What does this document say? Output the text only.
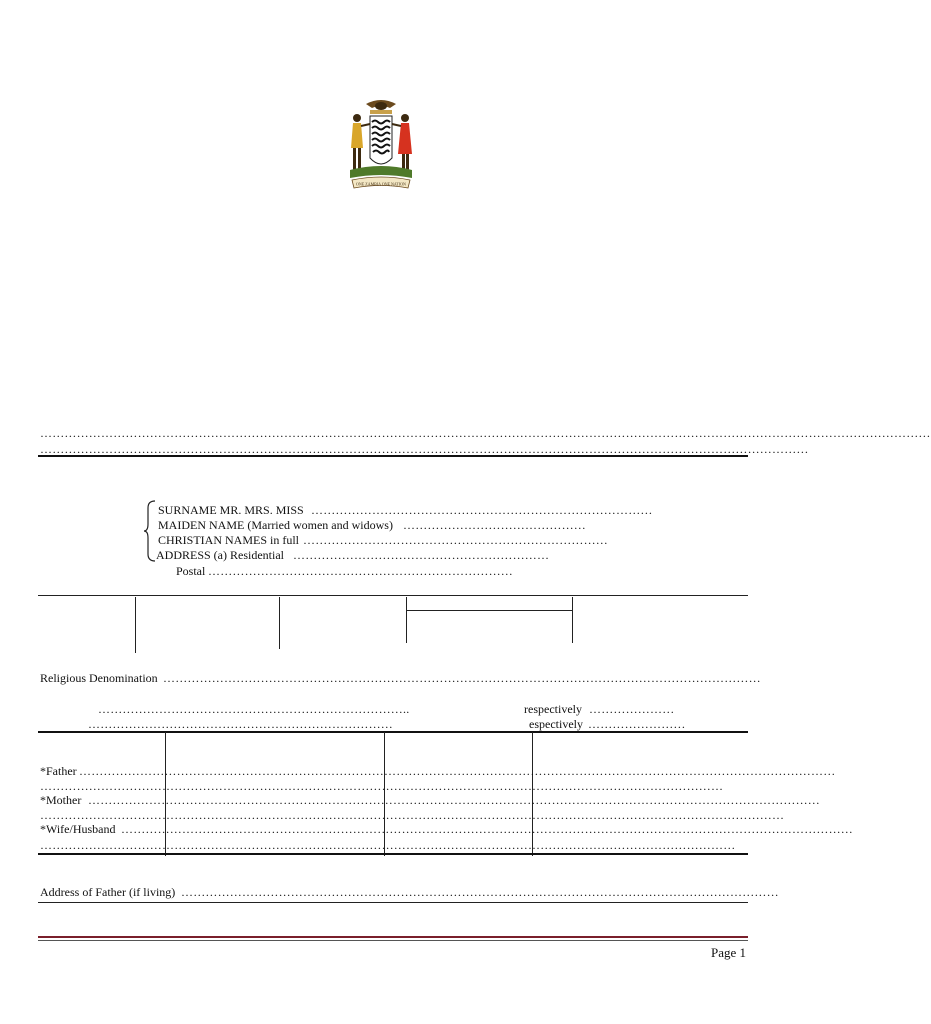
ONE ZAMBIA ONE NATION
…………………………………………………………………………………………………………………………………………………………………………………………………
………………………………………………………………………………………………………………………………………………………………………
SURNAME MR. MRS. MISS …………………………………………………………………………
MAIDEN NAME (Married women and widows) ………………………………………
CHRISTIAN NAMES in full …………………………………………………………………
ADDRESS (a) Residential ………………………………………………………
Postal …………………………………………………………………
Religious Denomination …………………………………………………………………………………………………………………………………
…………………………………………………………………..	respectively …………………
…………………………………………………………………	espectively ……………………
*Father ……………………………………………………………………………………………………………………………………………………………………
……………………………………………………………………………………………………………………………………………………
*Mother ………………………………………………………………………………………………………………………………………………………………
…………………………………………………………………………………………………………………………………………………………………
*Wife/Husband ………………………………………………………………………………………………………………………………………………………………
………………………………………………………………………………………………………………………………………………………
Address of Father (if living) …………………………………………………………………………………………………………………………………
Page 1
